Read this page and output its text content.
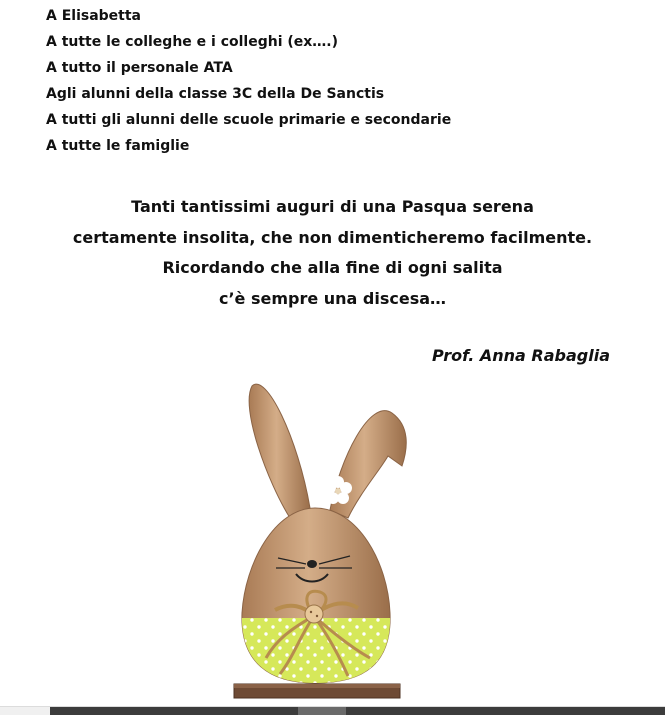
A Elisabetta
A tutte le colleghe e i colleghi (ex….)
A tutto il personale ATA
Agli alunni della classe 3C della De Sanctis
A tutti gli alunni delle scuole primarie e secondarie
A tutte le famiglie
Tanti tantissimi auguri di una Pasqua serena
certamente insolita, che non dimenticheremo facilmente.
Ricordando che alla fine di ogni salita
c’è sempre una discesa…
Prof. Anna Rabaglia
